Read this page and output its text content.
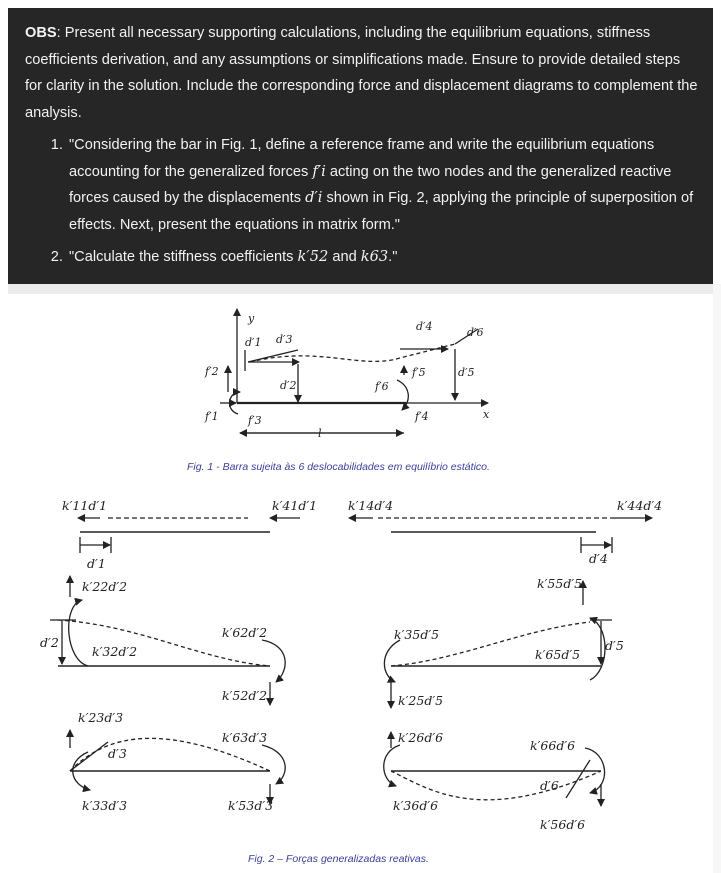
OBS: Present all necessary supporting calculations, including the equilibrium equations, stiffness coefficients derivation, and any assumptions or simplifications made. Ensure to provide detailed steps for clarity in the solution. Include the corresponding force and displacement diagrams to complement the analysis.

1. "Considering the bar in Fig. 1, define a reference frame and write the equilibrium equations accounting for the generalized forces f′i acting on the two nodes and the generalized reactive forces caused by the displacements d′i shown in Fig. 2, applying the principle of superposition of effects. Next, present the equations in matrix form."
2. "Calculate the stiffness coefficients k′52 and k63."
y
x
l
d′1
d′2
d′3
d′4
d′5
d′6
f′1
f′2
f′3	f′4
f′5
f′6
Fig. 1 - Barra sujeita às 6 deslocabilidades em equilíbrio estático.
k′11d′1	k′41d′1
d′1
k′14d′4	k′44d′4
d′4
k′22d′2
k′32d′2
k′62d′2
k′52d′2
d′2
k′55d′5
k′35d′5
k′65d′5
k′25d′5
d′5
k′23d′3
k′33d′3
k′63d′3
k′53d′3
d′3
k′26d′6
k′36d′6
k′66d′6
k′56d′6
d′6
Fig. 2 – Forças generalizadas reativas.
